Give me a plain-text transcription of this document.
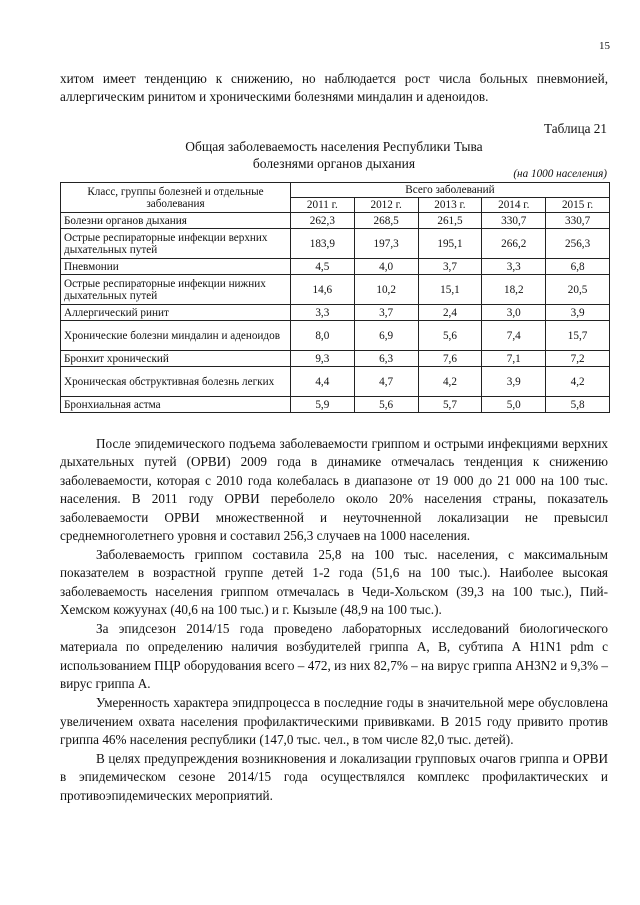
15
хитом имеет тенденцию к снижению, но наблюдается рост числа больных пневмонией, аллергическим ринитом и хроническими болезнями миндалин и аденоидов.
Таблица 21
Общая заболеваемость населения Республики Тыва
болезнями органов дыхания
(на 1000 населения)
Класс, группы болезней и отдельные заболевания	Всего заболеваний				
	2011 г.	2012 г.	2013 г.	2014 г.	2015 г.
Болезни органов дыхания	262,3	268,5	261,5	330,7	330,7
Острые респираторные инфекции верхних дыхательных путей	183,9	197,3	195,1	266,2	256,3
Пневмонии	4,5	4,0	3,7	3,3	6,8
Острые респираторные инфекции нижних дыхательных путей	14,6	10,2	15,1	18,2	20,5
Аллергический ринит	3,3	3,7	2,4	3,0	3,9
Хронические болезни миндалин и аденоидов	8,0	6,9	5,6	7,4	15,7
Бронхит хронический	9,3	6,3	7,6	7,1	7,2
Хроническая обструктивная болезнь легких	4,4	4,7	4,2	3,9	4,2
Бронхиальная астма	5,9	5,6	5,7	5,0	5,8

После эпидемического подъема заболеваемости гриппом и острыми инфекциями верхних дыхательных путей (ОРВИ) 2009 года в динамике отмечалась тенденция к снижению заболеваемости, которая с 2010 года колебалась в диапазоне от 19 000 до 21 000 на 100 тыс. населения. В 2011 году ОРВИ переболело около 20% населения страны, показатель заболеваемости ОРВИ множественной и неуточненной локализации не превысил среднемноголетнего уровня и составил 256,3 случаев на 1000 населения.

Заболеваемость гриппом составила 25,8 на 100 тыс. населения, с максимальным показателем в возрастной группе детей 1-2 года (51,6 на 100 тыс.). Наиболее высокая заболеваемость населения гриппом отмечалась в Чеди-Хольском (39,3 на 100 тыс.), Пий-Хемском кожуунах (40,6 на 100 тыс.) и г. Кызыле (48,9 на 100 тыс.).

За эпидсезон 2014/15 года проведено лабораторных исследований биологического материала по определению наличия возбудителей гриппа А, В, субтипа А H1N1 pdm с использованием ПЦР оборудования всего – 472, из них 82,7% – на вирус гриппа АН3N2 и 9,3% – вирус гриппа А.

Умеренность характера эпидпроцесса в последние годы в значительной мере обусловлена увеличением охвата населения профилактическими прививками. В 2015 году привито против гриппа 46% населения республики (147,0 тыс. чел., в том числе 82,0 тыс. детей).

В целях предупреждения возникновения и локализации групповых очагов гриппа и ОРВИ в эпидемическом сезоне 2014/15 года осуществлялся комплекс профилактических и противоэпидемических мероприятий.
